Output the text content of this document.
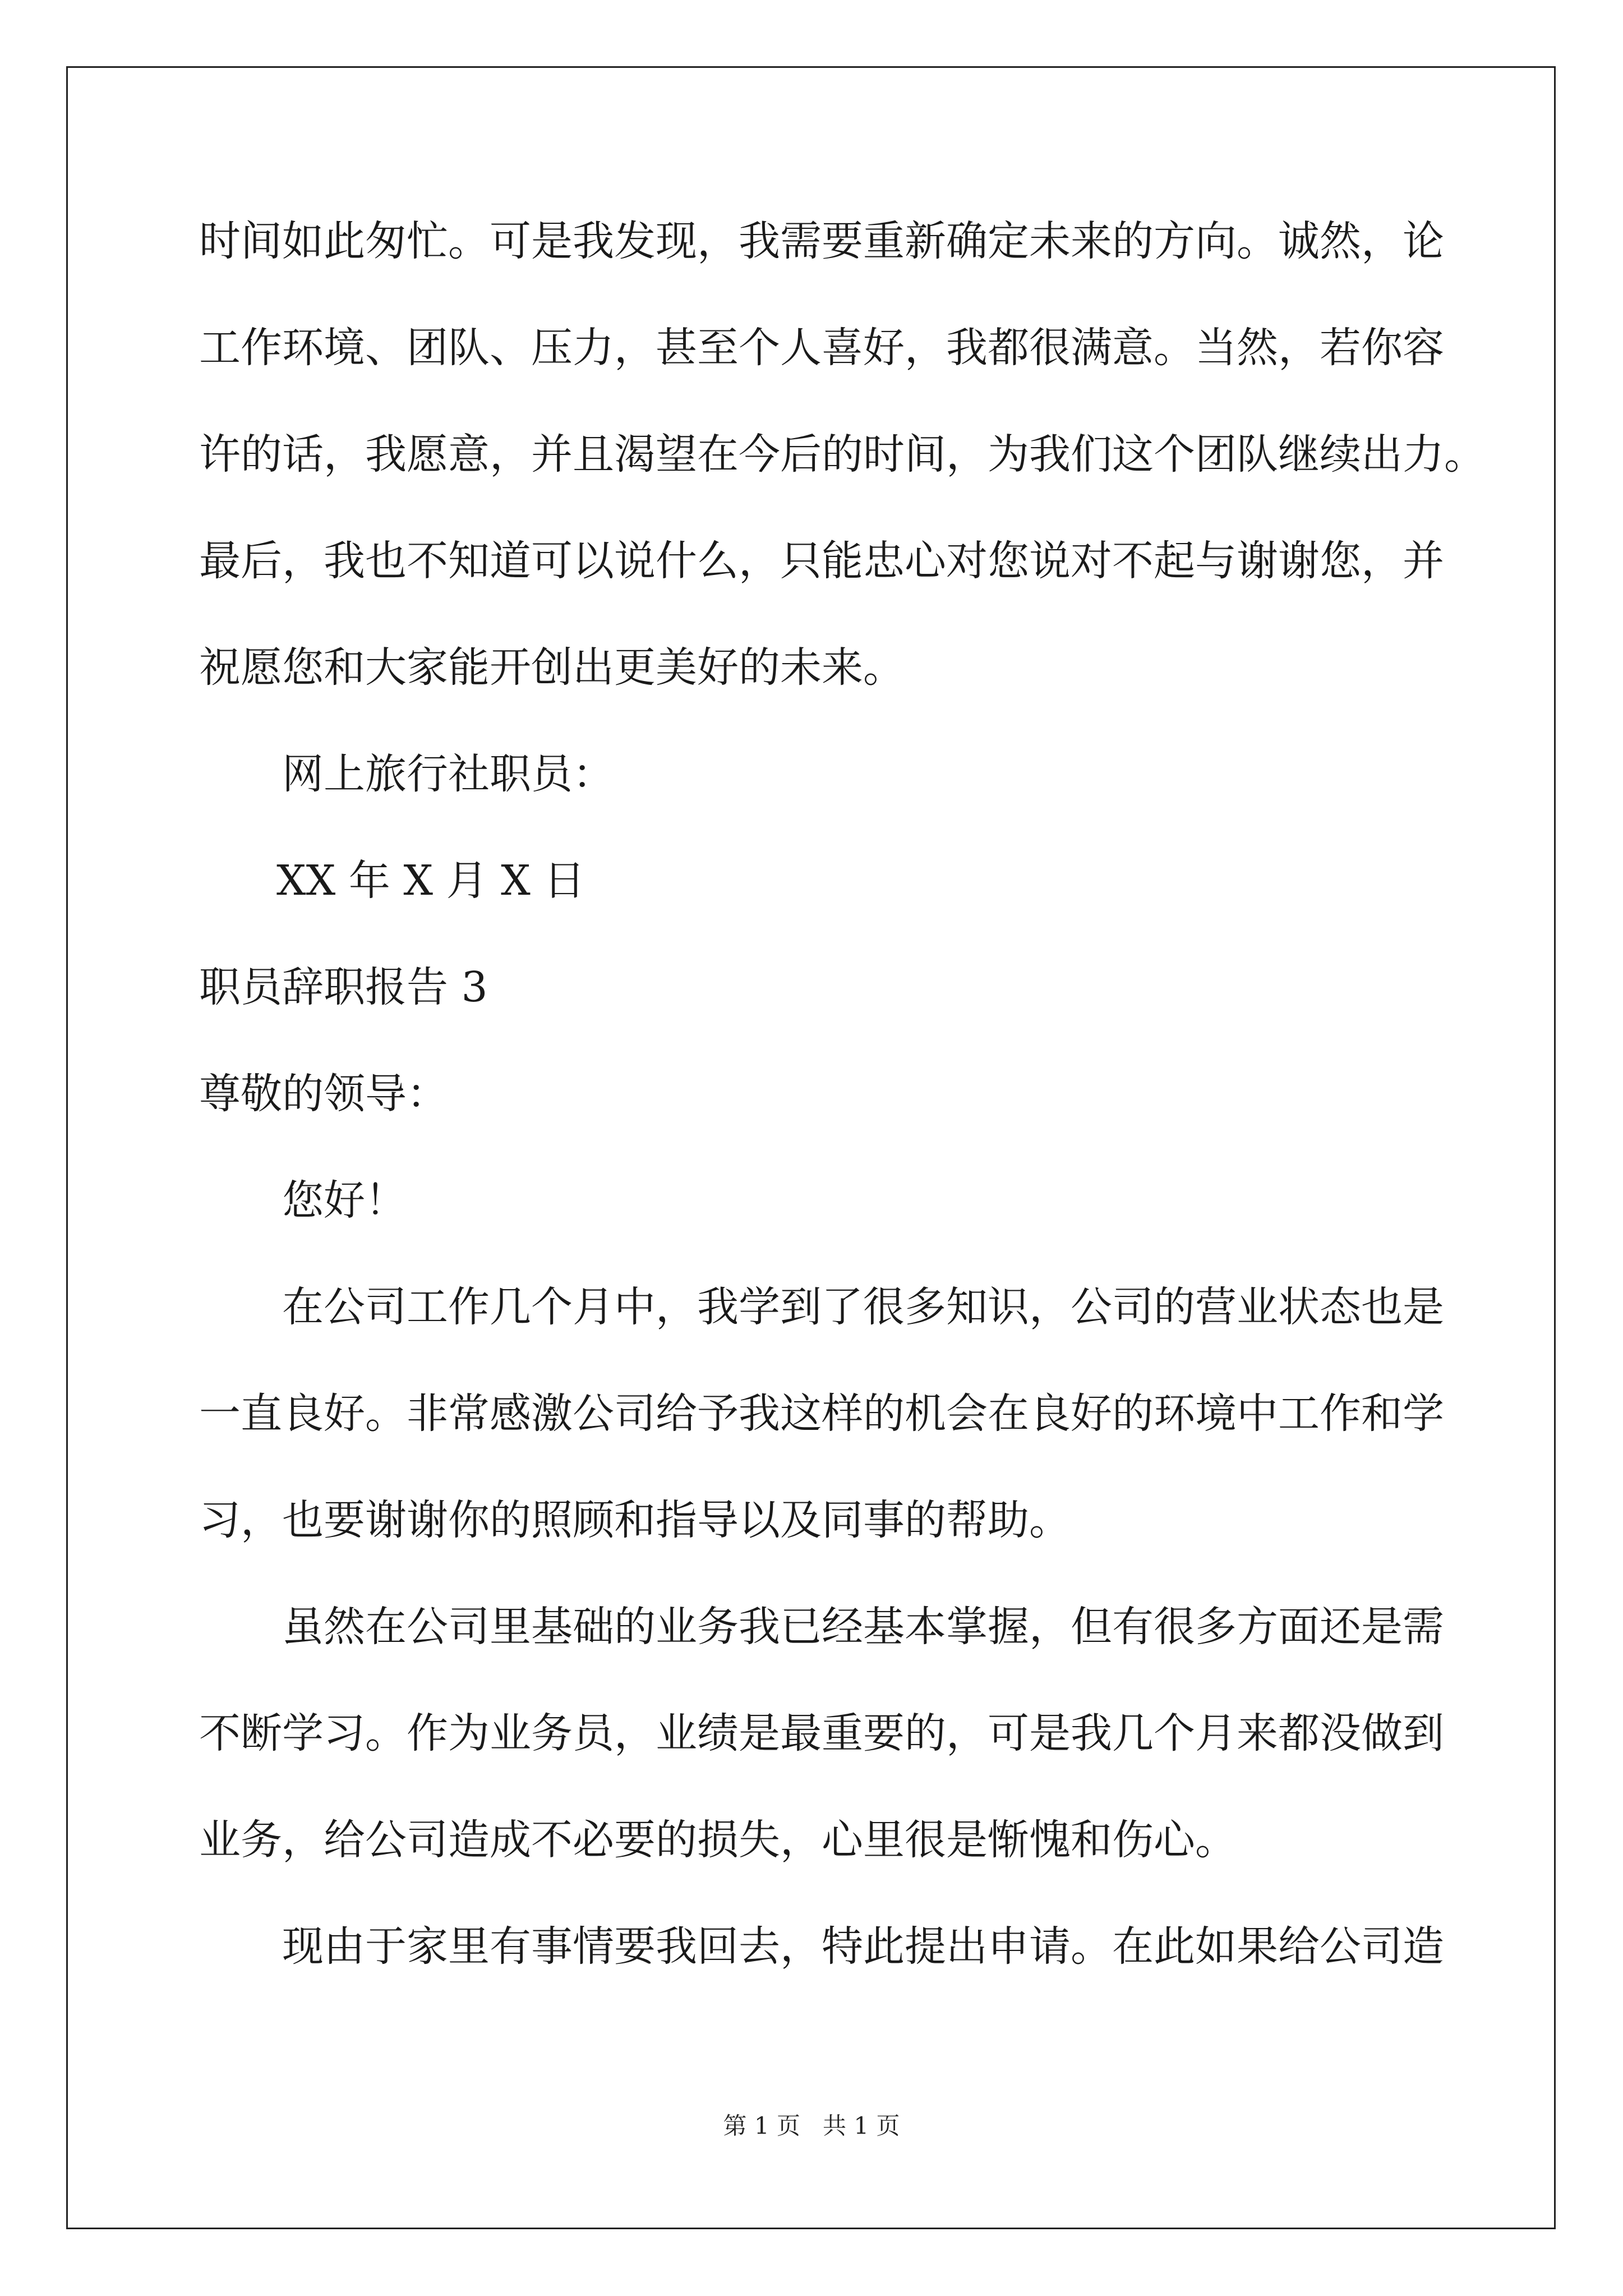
时间如此匆忙。可是我发现，我需要重新确定未来的方向。诚然，论
工作环境、团队、压力，甚至个人喜好，我都很满意。当然，若你容
许的话，我愿意，并且渴望在今后的时间，为我们这个团队继续出力。
最后，我也不知道可以说什么，只能忠心对您说对不起与谢谢您，并
祝愿您和大家能开创出更美好的未来。
网上旅行社职员：
XX 年 X 月 X 日
职员辞职报告 3
尊敬的领导：
您好！
在公司工作几个月中，我学到了很多知识，公司的营业状态也是
一直良好。非常感激公司给予我这样的机会在良好的环境中工作和学
习，也要谢谢你的照顾和指导以及同事的帮助。
虽然在公司里基础的业务我已经基本掌握，但有很多方面还是需
不断学习。作为业务员，业绩是最重要的，可是我几个月来都没做到
业务，给公司造成不必要的损失，心里很是惭愧和伤心。
现由于家里有事情要我回去，特此提出申请。在此如果给公司造
第 1 页   共 1 页
